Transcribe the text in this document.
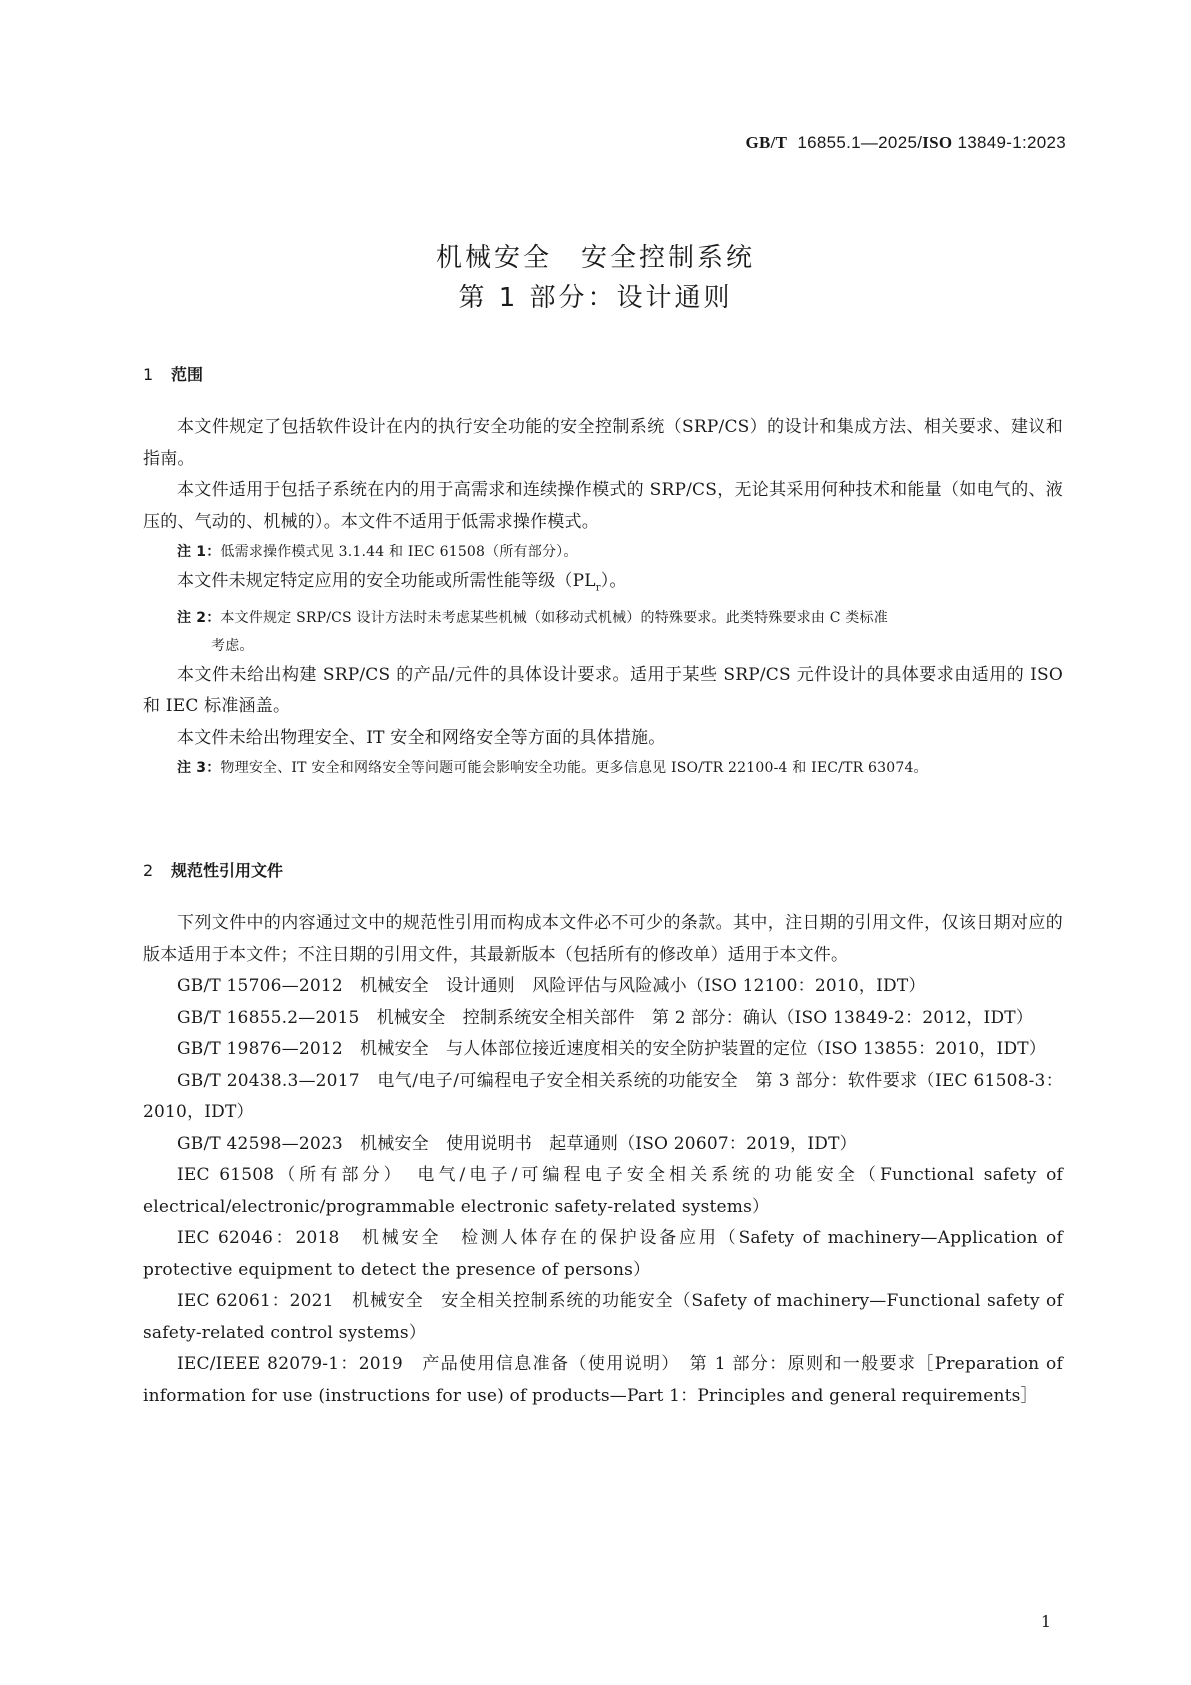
GB/T 16855.1—2025/ISO 13849-1:2023
机械安全　安全控制系统
第 1 部分：设计通则
1 范围

本文件规定了包括软件设计在内的执行安全功能的安全控制系统（SRP/CS）的设计和集成方法、相关要求、建议和指南。

本文件适用于包括子系统在内的用于高需求和连续操作模式的 SRP/CS，无论其采用何种技术和能量（如电气的、液压的、气动的、机械的）。本文件不适用于低需求操作模式。

注 1：低需求操作模式见 3.1.44 和 IEC 61508（所有部分）。

本文件未规定特定应用的安全功能或所需性能等级$(PL_r)$。

注 2：本文件规定 SRP/CS 设计方法时未考虑某些机械（如移动式机械）的特殊要求。此类特殊要求由 C 类标准

考虑。

本文件未给出构建 SRP/CS 的产品/元件的具体设计要求。适用于某些 SRP/CS 元件设计的具体要求由适用的 ISO 和 IEC 标准涵盖。

本文件未给出物理安全、IT 安全和网络安全等方面的具体措施。

注 3：物理安全、IT 安全和网络安全等问题可能会影响安全功能。更多信息见 ISO/TR 22100-4 和 IEC/TR 63074。

2 规范性引用文件

下列文件中的内容通过文中的规范性引用而构成本文件必不可少的条款。其中，注日期的引用文件，仅该日期对应的版本适用于本文件；不注日期的引用文件，其最新版本（包括所有的修改单）适用于本文件。

GB/T 15706—2012　机械安全　设计通则　风险评估与风险减小（ISO 12100：2010，IDT）

GB/T 16855.2—2015　机械安全　控制系统安全相关部件　第 2 部分：确认（ISO 13849-2：2012，IDT）

GB/T 19876—2012　机械安全　与人体部位接近速度相关的安全防护装置的定位（ISO 13855：2010，IDT）

GB/T 20438.3—2017　电气/电子/可编程电子安全相关系统的功能安全　第 3 部分：软件要求（IEC 61508-3：2010，IDT）

GB/T 42598—2023　机械安全　使用说明书　起草通则（ISO 20607：2019，IDT）

IEC 61508（所有部分）　电气/电子/可编程电子安全相关系统的功能安全（Functional safety of electrical/electronic/programmable electronic safety-related systems）

IEC 62046：2018　机械安全　检测人体存在的保护设备应用（Safety of machinery—Application of protective equipment to detect the presence of persons）

IEC 62061：2021　机械安全　安全相关控制系统的功能安全（Safety of machinery—Functional safety of safety-related control systems）

IEC/IEEE 82079-1：2019　产品使用信息准备（使用说明）　第 1 部分：原则和一般要求［Preparation of information for use (instructions for use) of products—Part 1：Principles and general requirements］

1
